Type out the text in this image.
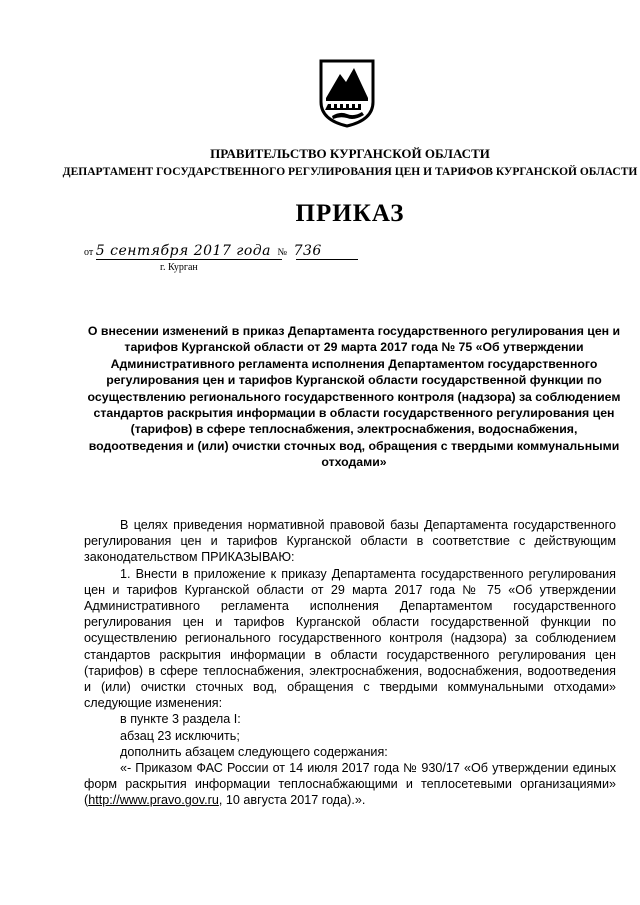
ПРАВИТЕЛЬСТВО КУРГАНСКОЙ ОБЛАСТИ
ДЕПАРТАМЕНТ ГОСУДАРСТВЕННОГО РЕГУЛИРОВАНИЯ ЦЕН И ТАРИФОВ КУРГАНСКОЙ ОБЛАСТИ
ПРИКАЗ
от 5 сентября 2017 года № 736
г. Курган
О внесении изменений в приказ Департамента государственного регулирования цен и тарифов Курганской области от 29 марта 2017 года № 75 «Об утверждении Административного регламента исполнения Департаментом государственного регулирования цен и тарифов Курганской области государственной функции по осуществлению регионального государственного контроля (надзора) за соблюдением стандартов раскрытия информации в области государственного регулирования цен (тарифов) в сфере теплоснабжения, электроснабжения, водоснабжения, водоотведения и (или) очистки сточных вод, обращения с твердыми коммунальными отходами»

В целях приведения нормативной правовой базы Департамента государственного регулирования цен и тарифов Курганской области в соответствие с действующим законодательством ПРИКАЗЫВАЮ:

1. Внести в приложение к приказу Департамента государственного регулирования цен и тарифов Курганской области от 29 марта 2017 года № 75 «Об утверждении Административного регламента исполнения Департаментом государственного регулирования цен и тарифов Курганской области государственной функции по осуществлению регионального государственного контроля (надзора) за соблюдением стандартов раскрытия информации в области государственного регулирования цен (тарифов) в сфере теплоснабжения, электроснабжения, водоснабжения, водоотведения и (или) очистки сточных вод, обращения с твердыми коммунальными отходами» следующие изменения:

в пункте 3 раздела I:

абзац 23 исключить;

дополнить абзацем следующего содержания:

«- Приказом ФАС России от 14 июля 2017 года № 930/17 «Об утверждении единых форм раскрытия информации теплоснабжающими и теплосетевыми организациями» (http://www.pravo.gov.ru, 10 августа 2017 года).».
